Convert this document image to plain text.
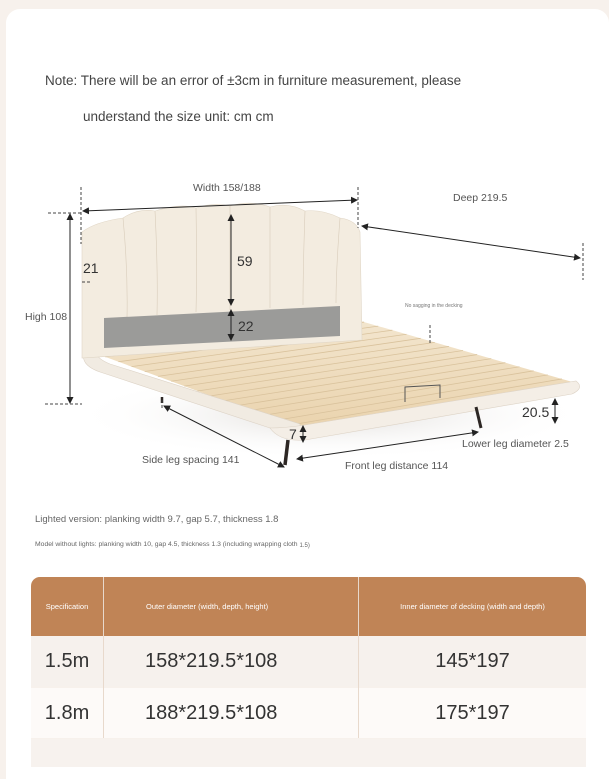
Note: There will be an error of ±3cm in furniture measurement, please
understand the size unit: cm cm
Width 158/188
Deep 219.5
High 108
59
21
22
No sagging in the decking
20.5
7
Side leg spacing 141	Front leg distance 114
Lower leg diameter 2.5
Lighted version: planking width 9.7, gap 5.7, thickness 1.8
Model without lights: planking width 10, gap 4.5, thickness 1.3 (including wrapping cloth 1.5)
Specification	Outer diameter (width, depth, height)	Inner diameter of decking (width and depth)
1.5m	158*219.5*108	145*197
1.8m	188*219.5*108	175*197
